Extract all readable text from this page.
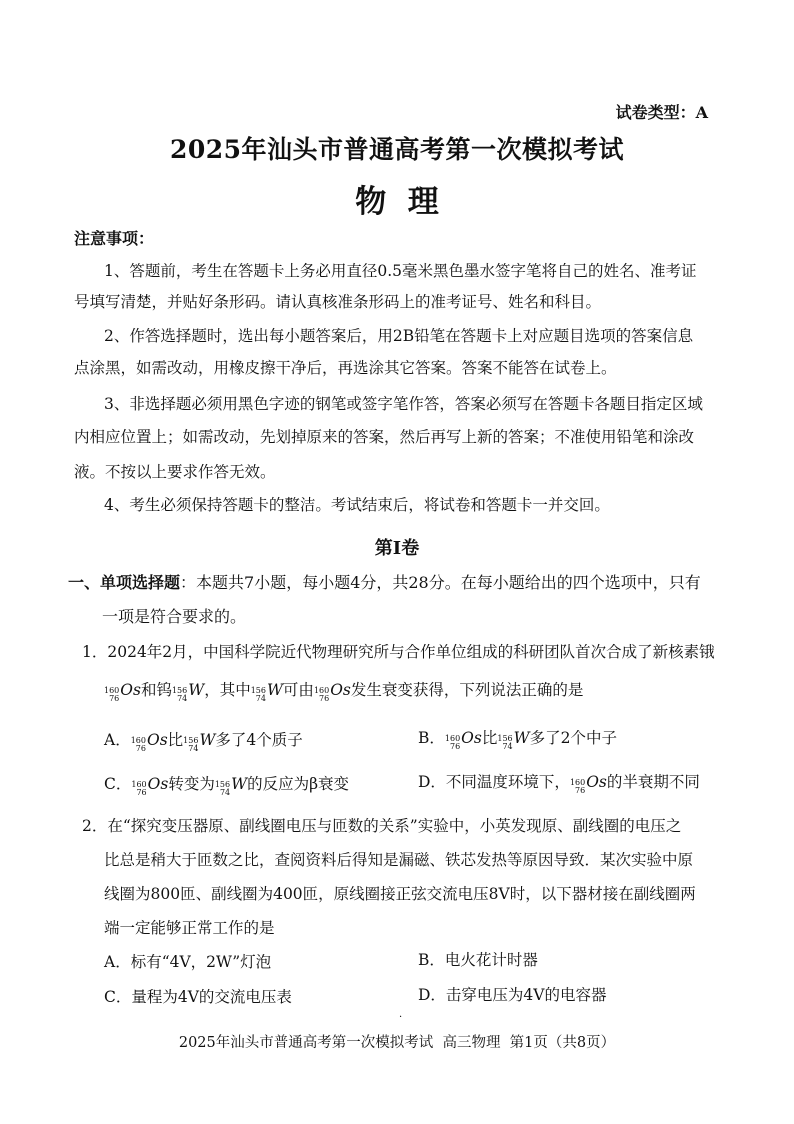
试卷类型：A
2025年汕头市普通高考第一次模拟考试
物  理
注意事项：
1、答题前，考生在答题卡上务必用直径0.5毫米黑色墨水签字笔将自己的姓名、准考证
号填写清楚，并贴好条形码。请认真核准条形码上的准考证号、姓名和科目。
2、作答选择题时，选出每小题答案后，用2B铅笔在答题卡上对应题目选项的答案信息
点涂黑，如需改动，用橡皮擦干净后，再选涂其它答案。答案不能答在试卷上。
3、非选择题必须用黑色字迹的钢笔或签字笔作答，答案必须写在答题卡各题目指定区域
内相应位置上；如需改动，先划掉原来的答案，然后再写上新的答案；不准使用铅笔和涂改
液。不按以上要求作答无效。
4、考生必须保持答题卡的整洁。考试结束后，将试卷和答题卡一并交回。
第Ⅰ卷
一、单项选择题：本题共7小题，每小题4分，共28分。在每小题给出的四个选项中，只有
一项是符合要求的。
1．2024年2月，中国科学院近代物理研究所与合作单位组成的科研团队首次合成了新核素锇
160
76 Os 和钨 156
74 W ，其中 156
74 W 可由 160
76 Os 发生衰变获得，下列说法正确的是
A． 160
76 Os 比 156
74 W 多了4个质子	B． 160
76 Os 比 156
74 W 多了2个中子
C． 160
76 Os 转变为 156
74 W 的反应为β衰变	D．不同温度环境下， 160
76 Os 的半衰期不同
2．在“探究变压器原、副线圈电压与匝数的关系”实验中，小英发现原、副线圈的电压之
比总是稍大于匝数之比，查阅资料后得知是漏磁、铁芯发热等原因导致．某次实验中原
线圈为800匝、副线圈为400匝，原线圈接正弦交流电压8V时，以下器材接在副线圈两
端一定能够正常工作的是
A．标有“4V，2W”灯泡	B．电火花计时器
C．量程为4V的交流电压表	D．击穿电压为4V的电容器
·
2025年汕头市普通高考第一次模拟考试  高三物理  第1页（共8页）
